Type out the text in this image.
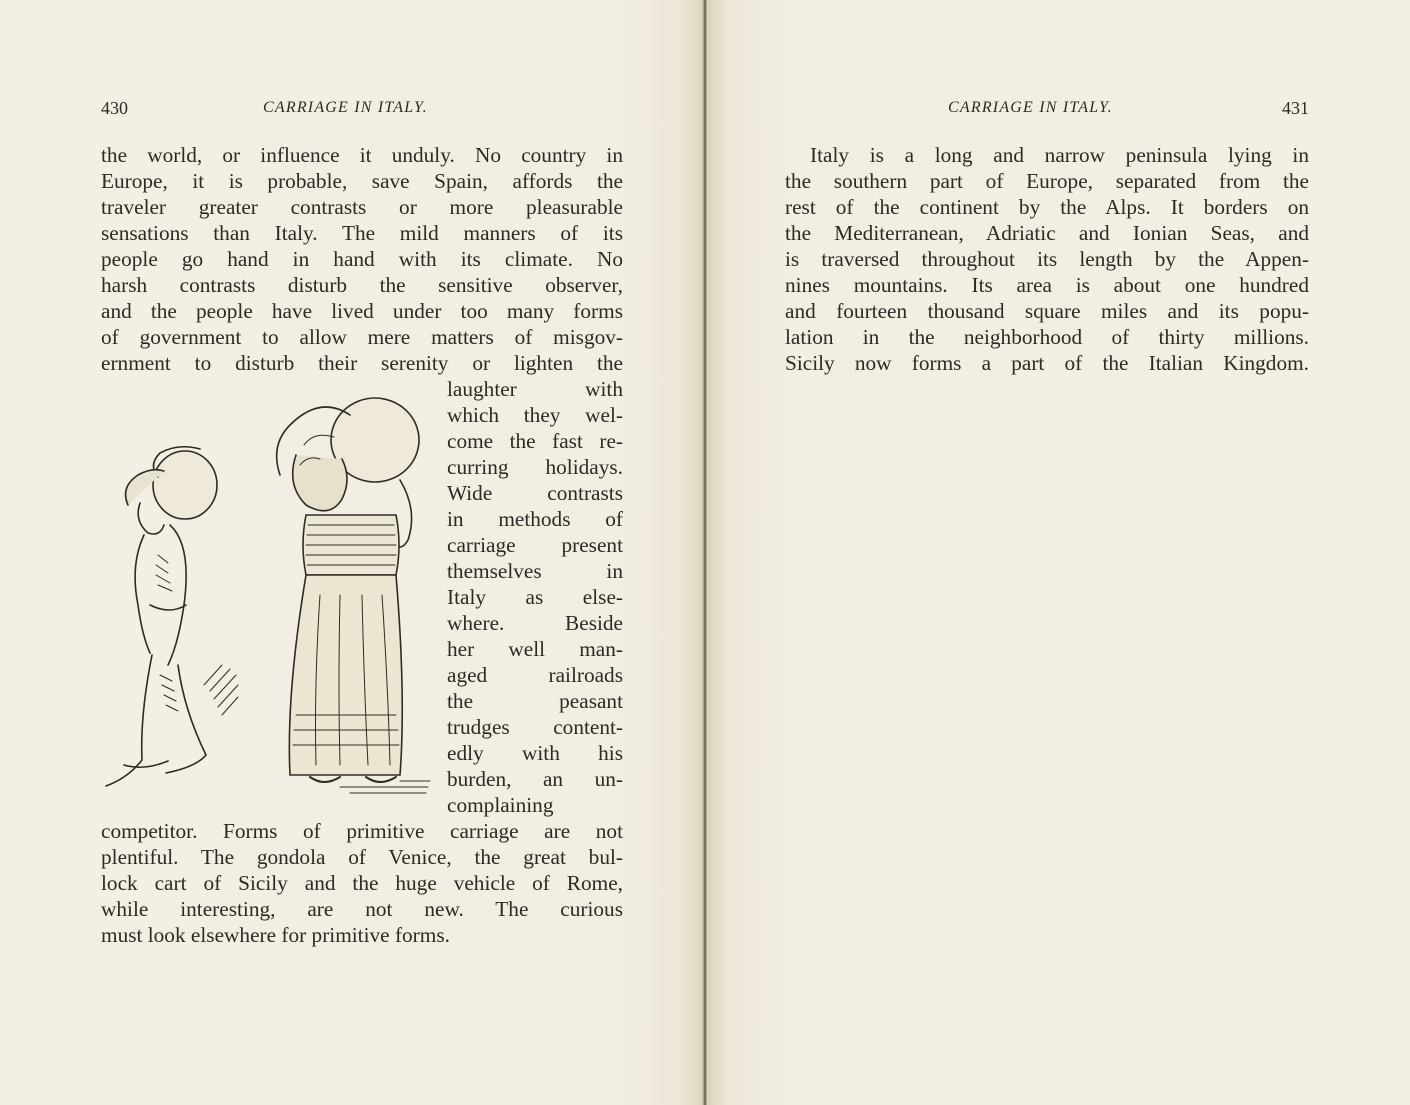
430	CARRIAGE IN ITALY.
the world, or influence it unduly. No country in
Europe, it is probable, save Spain, affords the
traveler greater contrasts or more pleasurable
sensations than Italy. The mild manners of its
people go hand in hand with its climate. No
harsh contrasts disturb the sensitive observer,
and the people have lived under too many forms
of government to allow mere matters of misgov-
ernment to disturb their serenity or lighten the
laughter with
which they wel-
come the fast re-
curring holidays.
Wide contrasts
in methods of
carriage present
themselves in
Italy as else-
where. Beside
her well man-
aged railroads
the peasant
trudges content-
edly with his
burden, an un-
complaining
competitor. Forms of primitive carriage are not
plentiful. The gondola of Venice, the great bul-
lock cart of Sicily and the huge vehicle of Rome,
while interesting, are not new. The curious
must look elsewhere for primitive forms.
CARRIAGE IN ITALY.	431
Italy is a long and narrow peninsula lying in
the southern part of Europe, separated from the
rest of the continent by the Alps. It borders on
the Mediterranean, Adriatic and Ionian Seas, and
is traversed throughout its length by the Appen-
nines mountains. Its area is about one hundred
and fourteen thousand square miles and its popu-
lation in the neighborhood of thirty millions.
Sicily now forms a part of the Italian Kingdom.
